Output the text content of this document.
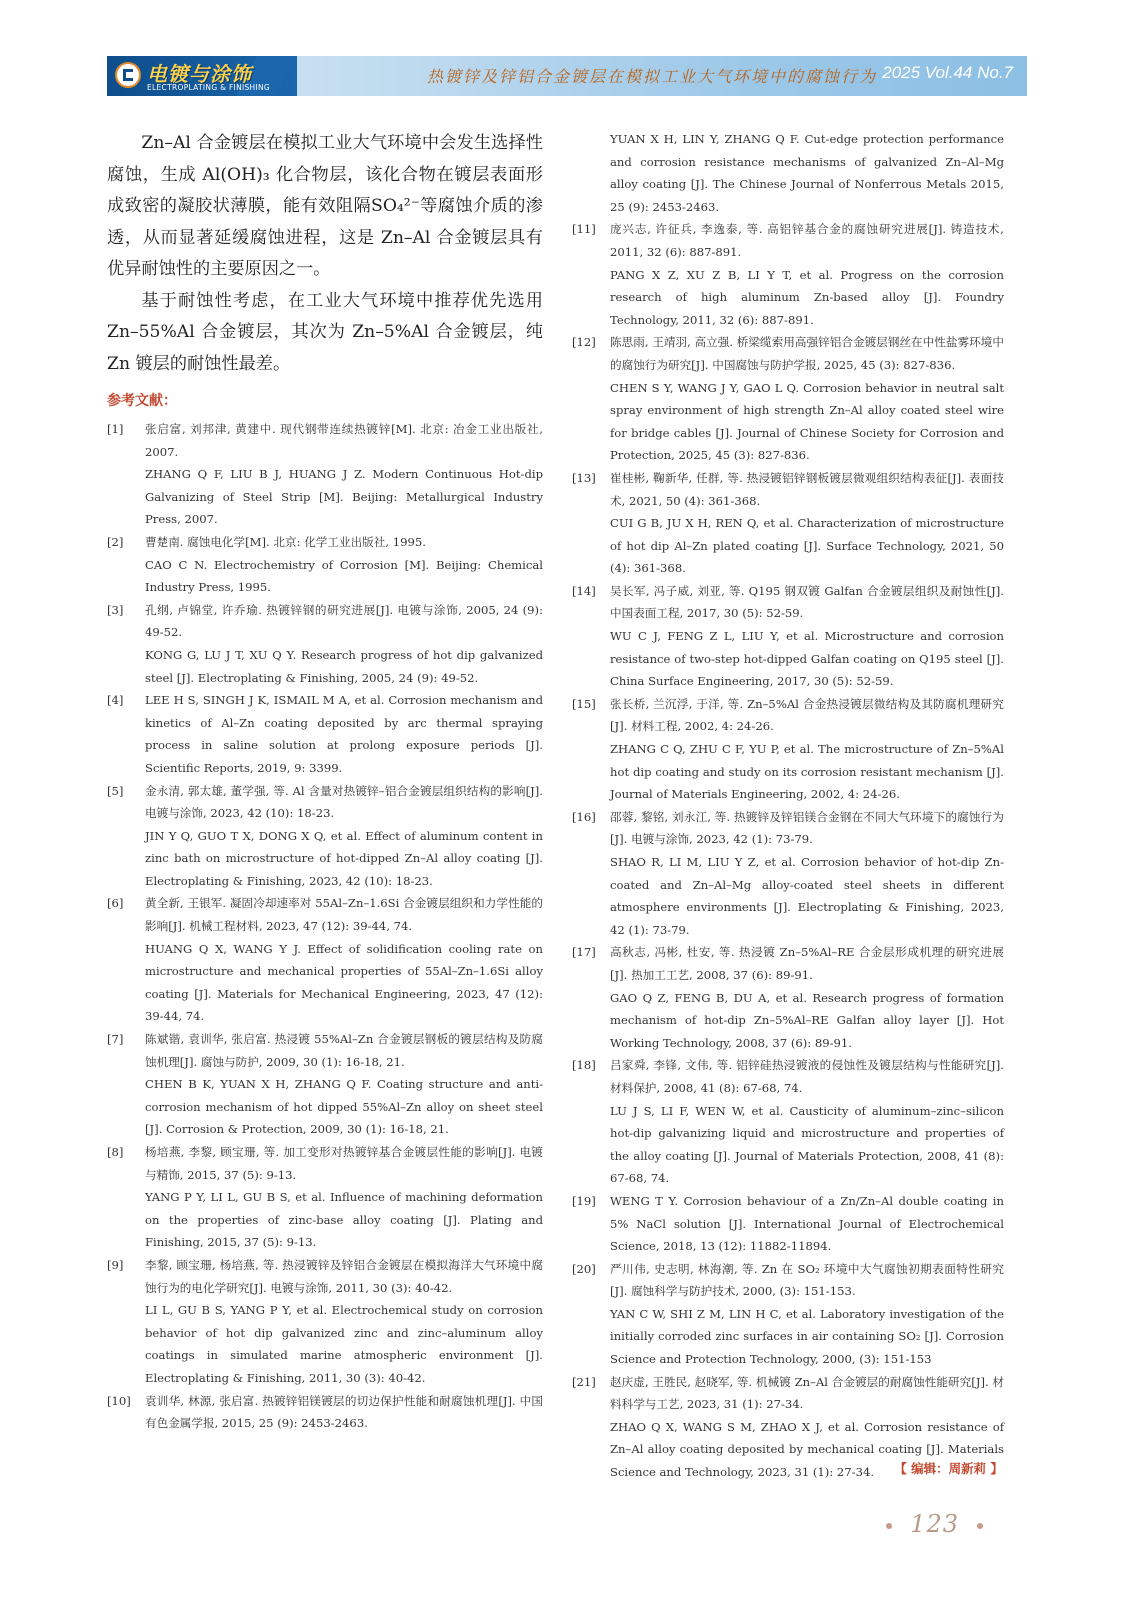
电镀与涂饰
ELECTROPLATING & FINISHING
热镀锌及锌铝合金镀层在模拟工业大气环境中的腐蚀行为 2025 Vol.44 No.7

Zn–Al 合金镀层在模拟工业大气环境中会发生选择性腐蚀，生成 Al(OH)₃ 化合物层，该化合物在镀层表面形成致密的凝胶状薄膜，能有效阻隔SO₄²⁻等腐蚀介质的渗透，从而显著延缓腐蚀进程，这是 Zn–Al 合金镀层具有优异耐蚀性的主要原因之一。

基于耐蚀性考虑，在工业大气环境中推荐优先选用 Zn–55%Al 合金镀层，其次为 Zn–5%Al 合金镀层，纯 Zn 镀层的耐蚀性最差。

参考文献：
[1]	张启富, 刘邦津, 黄建中. 现代钢带连续热镀锌[M]. 北京: 冶金工业出版社, 2007.

ZHANG Q F, LIU B J, HUANG J Z. Modern Continuous Hot-dip Galvanizing of Steel Strip [M]. Beijing: Metallurgical Industry Press, 2007.

[2]	曹楚南. 腐蚀电化学[M]. 北京: 化学工业出版社, 1995.

CAO C N. Electrochemistry of Corrosion [M]. Beijing: Chemical Industry Press, 1995.

[3]	孔纲, 卢锦堂, 许乔瑜. 热镀锌钢的研究进展[J]. 电镀与涂饰, 2005, 24 (9): 49-52.

KONG G, LU J T, XU Q Y. Research progress of hot dip galvanized steel [J]. Electroplating & Finishing, 2005, 24 (9): 49-52.

[4]	LEE H S, SINGH J K, ISMAIL M A, et al. Corrosion mechanism and kinetics of Al–Zn coating deposited by arc thermal spraying process in saline solution at prolong exposure periods [J]. Scientific Reports, 2019, 9: 3399.

[5]	金永清, 郭太雄, 董学强, 等. Al 含量对热镀锌–铝合金镀层组织结构的影响[J]. 电镀与涂饰, 2023, 42 (10): 18-23.

JIN Y Q, GUO T X, DONG X Q, et al. Effect of aluminum content in zinc bath on microstructure of hot-dipped Zn–Al alloy coating [J]. Electroplating & Finishing, 2023, 42 (10): 18-23.

[6]	黄全新, 王银军. 凝固冷却速率对 55Al–Zn–1.6Si 合金镀层组织和力学性能的影响[J]. 机械工程材料, 2023, 47 (12): 39-44, 74.

HUANG Q X, WANG Y J. Effect of solidification cooling rate on microstructure and mechanical properties of 55Al–Zn–1.6Si alloy coating [J]. Materials for Mechanical Engineering, 2023, 47 (12): 39-44, 74.

[7]	陈斌锴, 袁训华, 张启富. 热浸镀 55%Al–Zn 合金镀层钢板的镀层结构及防腐蚀机理[J]. 腐蚀与防护, 2009, 30 (1): 16-18, 21.

CHEN B K, YUAN X H, ZHANG Q F. Coating structure and anti-corrosion mechanism of hot dipped 55%Al–Zn alloy on sheet steel [J]. Corrosion & Protection, 2009, 30 (1): 16-18, 21.

[8]	杨培燕, 李黎, 顾宝珊, 等. 加工变形对热镀锌基合金镀层性能的影响[J]. 电镀与精饰, 2015, 37 (5): 9-13.

YANG P Y, LI L, GU B S, et al. Influence of machining deformation on the properties of zinc-base alloy coating [J]. Plating and Finishing, 2015, 37 (5): 9-13.

[9]	李黎, 顾宝珊, 杨培燕, 等. 热浸镀锌及锌铝合金镀层在模拟海洋大气环境中腐蚀行为的电化学研究[J]. 电镀与涂饰, 2011, 30 (3): 40-42.

LI L, GU B S, YANG P Y, et al. Electrochemical study on corrosion behavior of hot dip galvanized zinc and zinc–aluminum alloy coatings in simulated marine atmospheric environment [J]. Electroplating & Finishing, 2011, 30 (3): 40-42.

[10]	袁训华, 林源, 张启富. 热镀锌铝镁镀层的切边保护性能和耐腐蚀机理[J]. 中国有色金属学报, 2015, 25 (9): 2453-2463.

YUAN X H, LIN Y, ZHANG Q F. Cut-edge protection performance and corrosion resistance mechanisms of galvanized Zn–Al–Mg alloy coating [J]. The Chinese Journal of Nonferrous Metals 2015, 25 (9): 2453-2463.

[11]	庞兴志, 许征兵, 李逸泰, 等. 高铝锌基合金的腐蚀研究进展[J]. 铸造技术, 2011, 32 (6): 887-891.

PANG X Z, XU Z B, LI Y T, et al. Progress on the corrosion research of high aluminum Zn-based alloy [J]. Foundry Technology, 2011, 32 (6): 887-891.

[12]	陈思雨, 王靖羽, 高立强. 桥梁缆索用高强锌铝合金镀层钢丝在中性盐雾环境中的腐蚀行为研究[J]. 中国腐蚀与防护学报, 2025, 45 (3): 827-836.

CHEN S Y, WANG J Y, GAO L Q. Corrosion behavior in neutral salt spray environment of high strength Zn–Al alloy coated steel wire for bridge cables [J]. Journal of Chinese Society for Corrosion and Protection, 2025, 45 (3): 827-836.

[13]	崔桂彬, 鞠新华, 任群, 等. 热浸镀铝锌钢板镀层微观组织结构表征[J]. 表面技术, 2021, 50 (4): 361-368.

CUI G B, JU X H, REN Q, et al. Characterization of microstructure of hot dip Al–Zn plated coating [J]. Surface Technology, 2021, 50 (4): 361-368.

[14]	吴长军, 冯子威, 刘亚, 等. Q195 钢双镀 Galfan 合金镀层组织及耐蚀性[J]. 中国表面工程, 2017, 30 (5): 52-59.

WU C J, FENG Z L, LIU Y, et al. Microstructure and corrosion resistance of two-step hot-dipped Galfan coating on Q195 steel [J]. China Surface Engineering, 2017, 30 (5): 52-59.

[15]	张长桥, 兰沉浮, 于洋, 等. Zn–5%Al 合金热浸镀层微结构及其防腐机理研究[J]. 材料工程, 2002, 4: 24-26.

ZHANG C Q, ZHU C F, YU P, et al. The microstructure of Zn–5%Al hot dip coating and study on its corrosion resistant mechanism [J]. Journal of Materials Engineering, 2002, 4: 24-26.

[16]	邵蓉, 黎铭, 刘永江, 等. 热镀锌及锌铝镁合金钢在不同大气环境下的腐蚀行为[J]. 电镀与涂饰, 2023, 42 (1): 73-79.

SHAO R, LI M, LIU Y Z, et al. Corrosion behavior of hot-dip Zn-coated and Zn–Al–Mg alloy-coated steel sheets in different atmosphere environments [J]. Electroplating & Finishing, 2023, 42 (1): 73-79.

[17]	高秋志, 冯彬, 杜安, 等. 热浸镀 Zn–5%Al–RE 合金层形成机理的研究进展[J]. 热加工工艺, 2008, 37 (6): 89-91.

GAO Q Z, FENG B, DU A, et al. Research progress of formation mechanism of hot-dip Zn–5%Al–RE Galfan alloy layer [J]. Hot Working Technology, 2008, 37 (6): 89-91.

[18]	吕家舜, 李锋, 文伟, 等. 铝锌硅热浸镀液的侵蚀性及镀层结构与性能研究[J]. 材料保护, 2008, 41 (8): 67-68, 74.

LU J S, LI F, WEN W, et al. Causticity of aluminum–zinc–silicon hot-dip galvanizing liquid and microstructure and properties of the alloy coating [J]. Journal of Materials Protection, 2008, 41 (8): 67-68, 74.

[19]	WENG T Y. Corrosion behaviour of a Zn/Zn–Al double coating in 5% NaCl solution [J]. International Journal of Electrochemical Science, 2018, 13 (12): 11882-11894.

[20]	严川伟, 史志明, 林海潮, 等. Zn 在 SO₂ 环境中大气腐蚀初期表面特性研究[J]. 腐蚀科学与防护技术, 2000, (3): 151-153.

YAN C W, SHI Z M, LIN H C, et al. Laboratory investigation of the initially corroded zinc surfaces in air containing SO₂ [J]. Corrosion Science and Protection Technology, 2000, (3): 151-153

[21]	赵庆虚, 王胜民, 赵晓军, 等. 机械镀 Zn–Al 合金镀层的耐腐蚀性能研究[J]. 材料科学与工艺, 2023, 31 (1): 27-34.

ZHAO Q X, WANG S M, ZHAO X J, et al. Corrosion resistance of Zn–Al alloy coating deposited by mechanical coating [J]. Materials Science and Technology, 2023, 31 (1): 27-34.	【 编辑：周新莉 】
123
